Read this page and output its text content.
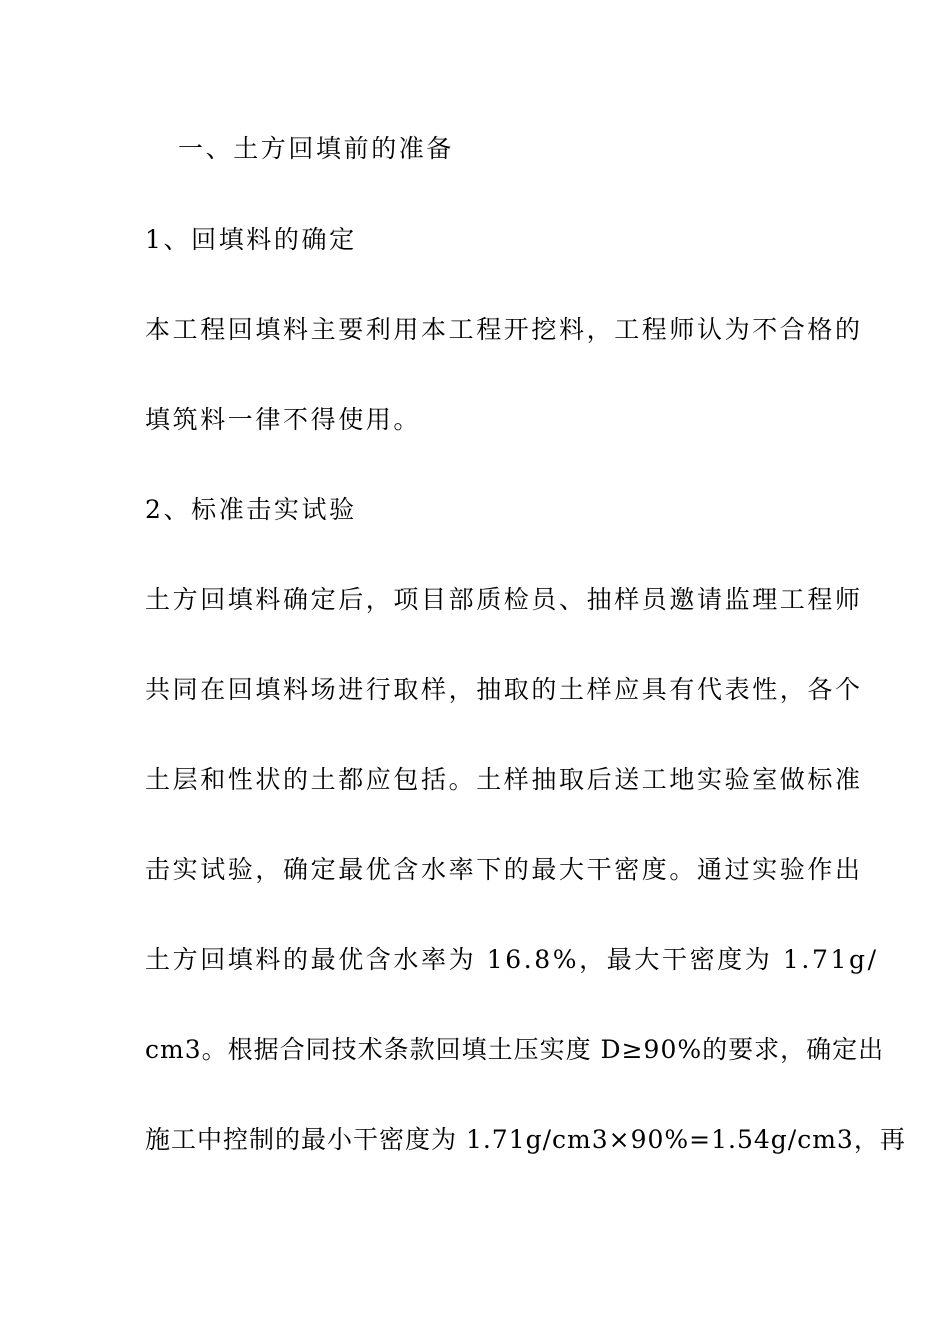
一、土方回填前的准备
1、回填料的确定
本工程回填料主要利用本工程开挖料，工程师认为不合格的
填筑料一律不得使用。
2、标准击实试验
土方回填料确定后，项目部质检员、抽样员邀请监理工程师
共同在回填料场进行取样，抽取的土样应具有代表性，各个
土层和性状的土都应包括。土样抽取后送工地实验室做标准
击实试验，确定最优含水率下的最大干密度。通过实验作出
土方回填料的最优含水率为 16.8%，最大干密度为 1.71g/
cm3。根据合同技术条款回填土压实度 D≥90%的要求，确定出
施工中控制的最小干密度为 1.71g/cm3×90%=1.54g/cm3，再
